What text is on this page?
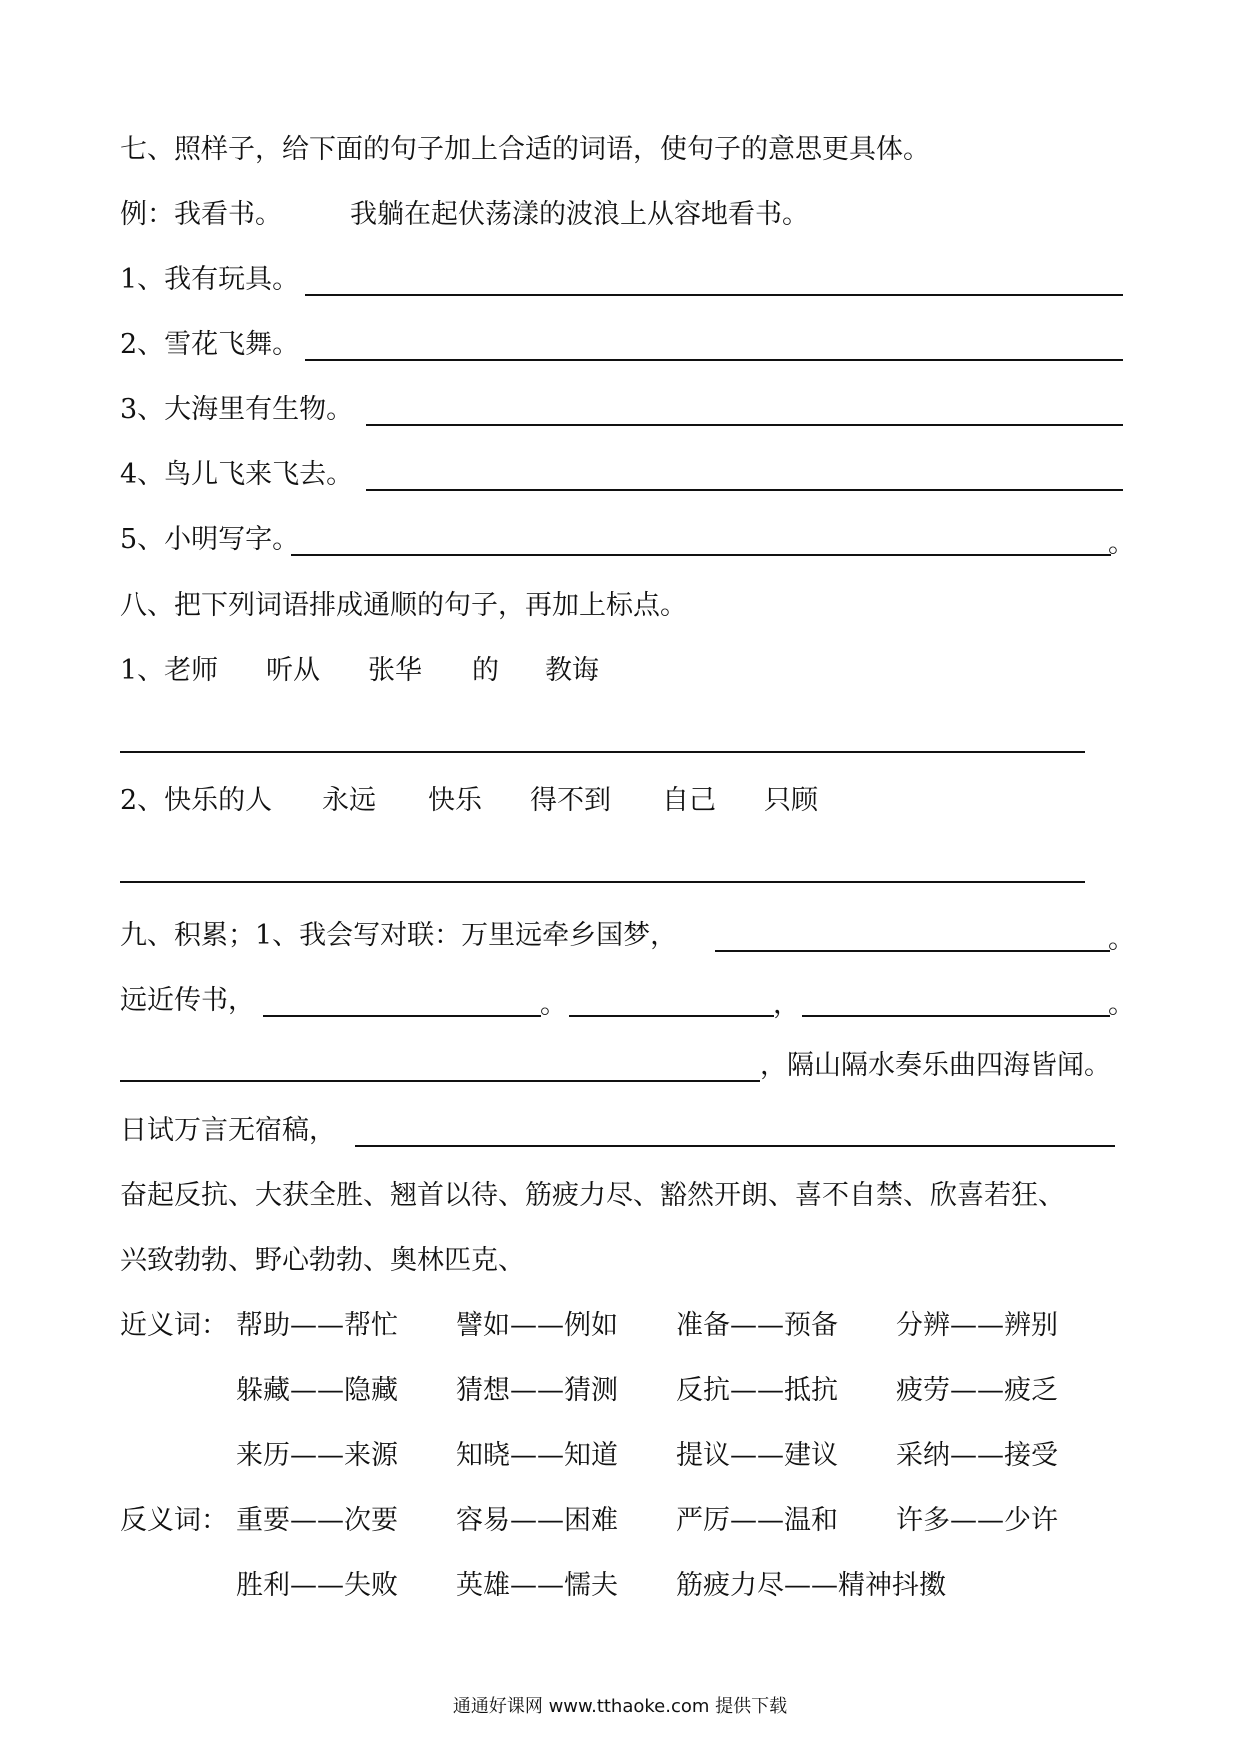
七、照样子，给下面的句子加上合适的词语，使句子的意思更具体。
例：我看书。	我躺在起伏荡漾的波浪上从容地看书。
1、我有玩具。
2、雪花飞舞。
3、大海里有生物。
4、鸟儿飞来飞去。
5、小明写字。	。
八、把下列词语排成通顺的句子，再加上标点。
1、老师 听从 张华 的 教诲
2、快乐的人 永远 快乐 得不到 自己 只顾
九、积累；1、我会写对联：万里远牵乡国梦，	。
远近传书，	。	，	。
，隔山隔水奏乐曲四海皆闻。
日试万言无宿稿，
奋起反抗、大获全胜、翘首以待、筋疲力尽、豁然开朗、喜不自禁、欣喜若狂、
兴致勃勃、野心勃勃、奥林匹克、
近义词： 帮助——帮忙 譬如——例如 准备——预备 分辨——辨别
躲藏——隐藏 猜想——猜测 反抗——抵抗 疲劳——疲乏
来历——来源 知晓——知道 提议——建议 采纳——接受
反义词： 重要——次要 容易——困难 严厉——温和 许多——少许
胜利——失败 英雄——懦夫 筋疲力尽——精神抖擞
通通好课网 www.tthaoke.com 提供下载
